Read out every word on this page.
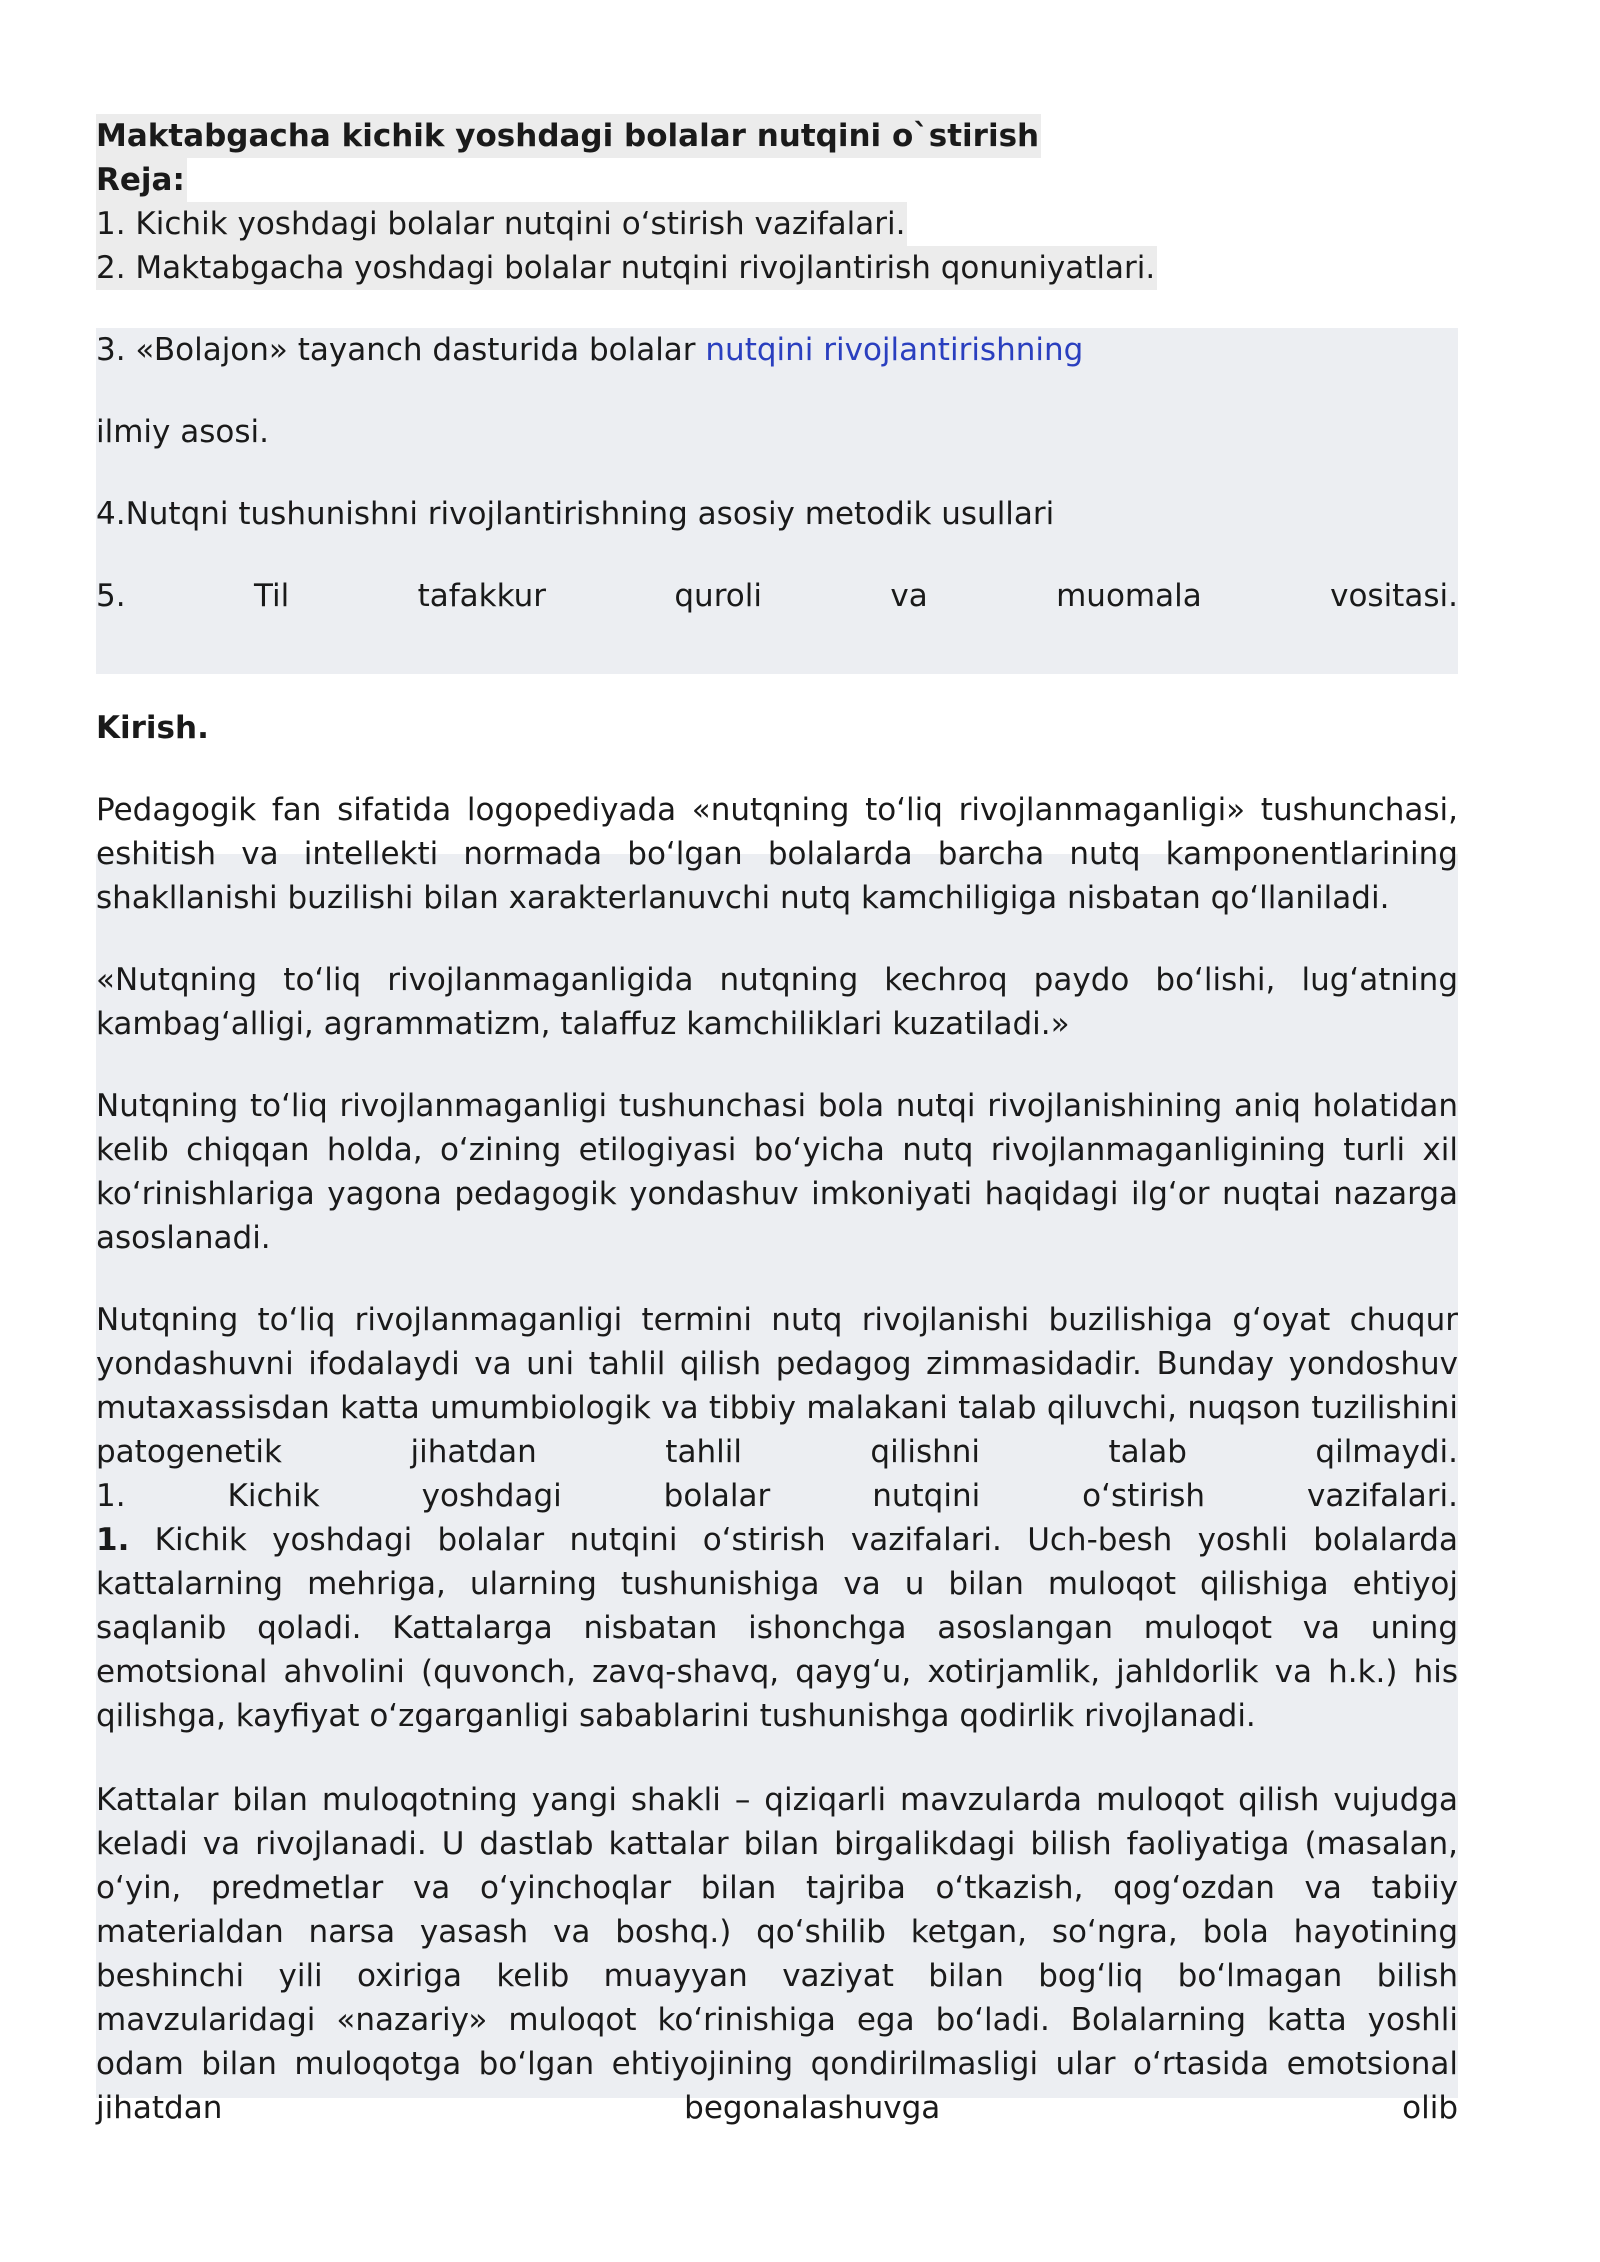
Maktabgacha kichik yoshdagi bolalar nutqini o`stirish
Reja:
1. Kichik yoshdagi bolalar nutqini o‘stirish vazifalari.
2. Maktabgacha yoshdagi bolalar nutqini rivojlantirish qonuniyatlari.

3. «Bolajon» tayanch dasturida bolalar nutqini rivojlantirishning

ilmiy asosi.

4.Nutqni tushunishni rivojlantirishning asosiy metodik usullari

5.	Til	tafakkur	quroli	va	muomala	vositasi.

Kirish.

Pedagogik fan sifatida logopediyada «nutqning to‘liq rivojlanmaganligi» tushunchasi, eshitish va intellekti normada bo‘lgan bolalarda barcha nutq kamponentlarining shakllanishi buzilishi bilan xarakterlanuvchi nutq kamchiligiga nisbatan qo‘llaniladi.

«Nutqning to‘liq rivojlanmaganligida nutqning kechroq paydo bo‘lishi, lug‘atning kambag‘alligi, agrammatizm, talaffuz kamchiliklari kuzatiladi.»

Nutqning to‘liq rivojlanmaganligi tushunchasi bola nutqi rivojlanishining aniq holatidan kelib chiqqan holda, o‘zining etilogiyasi bo‘yicha nutq rivojlanmaganligining turli xil ko‘rinishlariga yagona pedagogik yondashuv imkoniyati haqidagi ilg‘or nuqtai nazarga asoslanadi.

Nutqning to‘liq rivojlanmaganligi termini nutq rivojlanishi buzilishiga g‘oyat chuqur yondashuvni ifodalaydi va uni tahlil qilish pedagog zimmasidadir. Bunday yondoshuv mutaxassisdan katta umumbiologik va tibbiy malakani talab qiluvchi, nuqson tuzilishini patogenetik jihatdan tahlil qilishni talab qilmaydi.

1.	Kichik	yoshdagi	bolalar	nutqini	o‘stirish	vazifalari.

1. Kichik yoshdagi bolalar nutqini o‘stirish vazifalari. Uch-besh yoshli bolalarda kattalarning mehriga, ularning tushunishiga va u bilan muloqot qilishiga ehtiyoj saqlanib qoladi. Kattalarga nisbatan ishonchga asoslangan muloqot va uning emotsional ahvolini (quvonch, zavq-shavq, qayg‘u, xotirjamlik, jahldorlik va h.k.) his qilishga, kayfiyat o‘zgarganligi sabablarini tushunishga qodirlik rivojlanadi.

Kattalar bilan muloqotning yangi shakli – qiziqarli mavzularda muloqot qilish vujudga keladi va rivojlanadi. U dastlab kattalar bilan birgalikdagi bilish faoliyatiga (masalan, o‘yin, predmetlar va o‘yinchoqlar bilan tajriba o‘tkazish, qog‘ozdan va tabiiy materialdan narsa yasash va boshq.) qo‘shilib ketgan, so‘ngra, bola hayotining beshinchi yili oxiriga kelib muayyan vaziyat bilan bog‘liq bo‘lmagan bilish mavzularidagi «nazariy» muloqot ko‘rinishiga ega bo‘ladi. Bolalarning katta yoshli odam bilan muloqotga bo‘lgan ehtiyojining qondirilmasligi ular o‘rtasida emotsional jihatdan begonalashuvga olib
